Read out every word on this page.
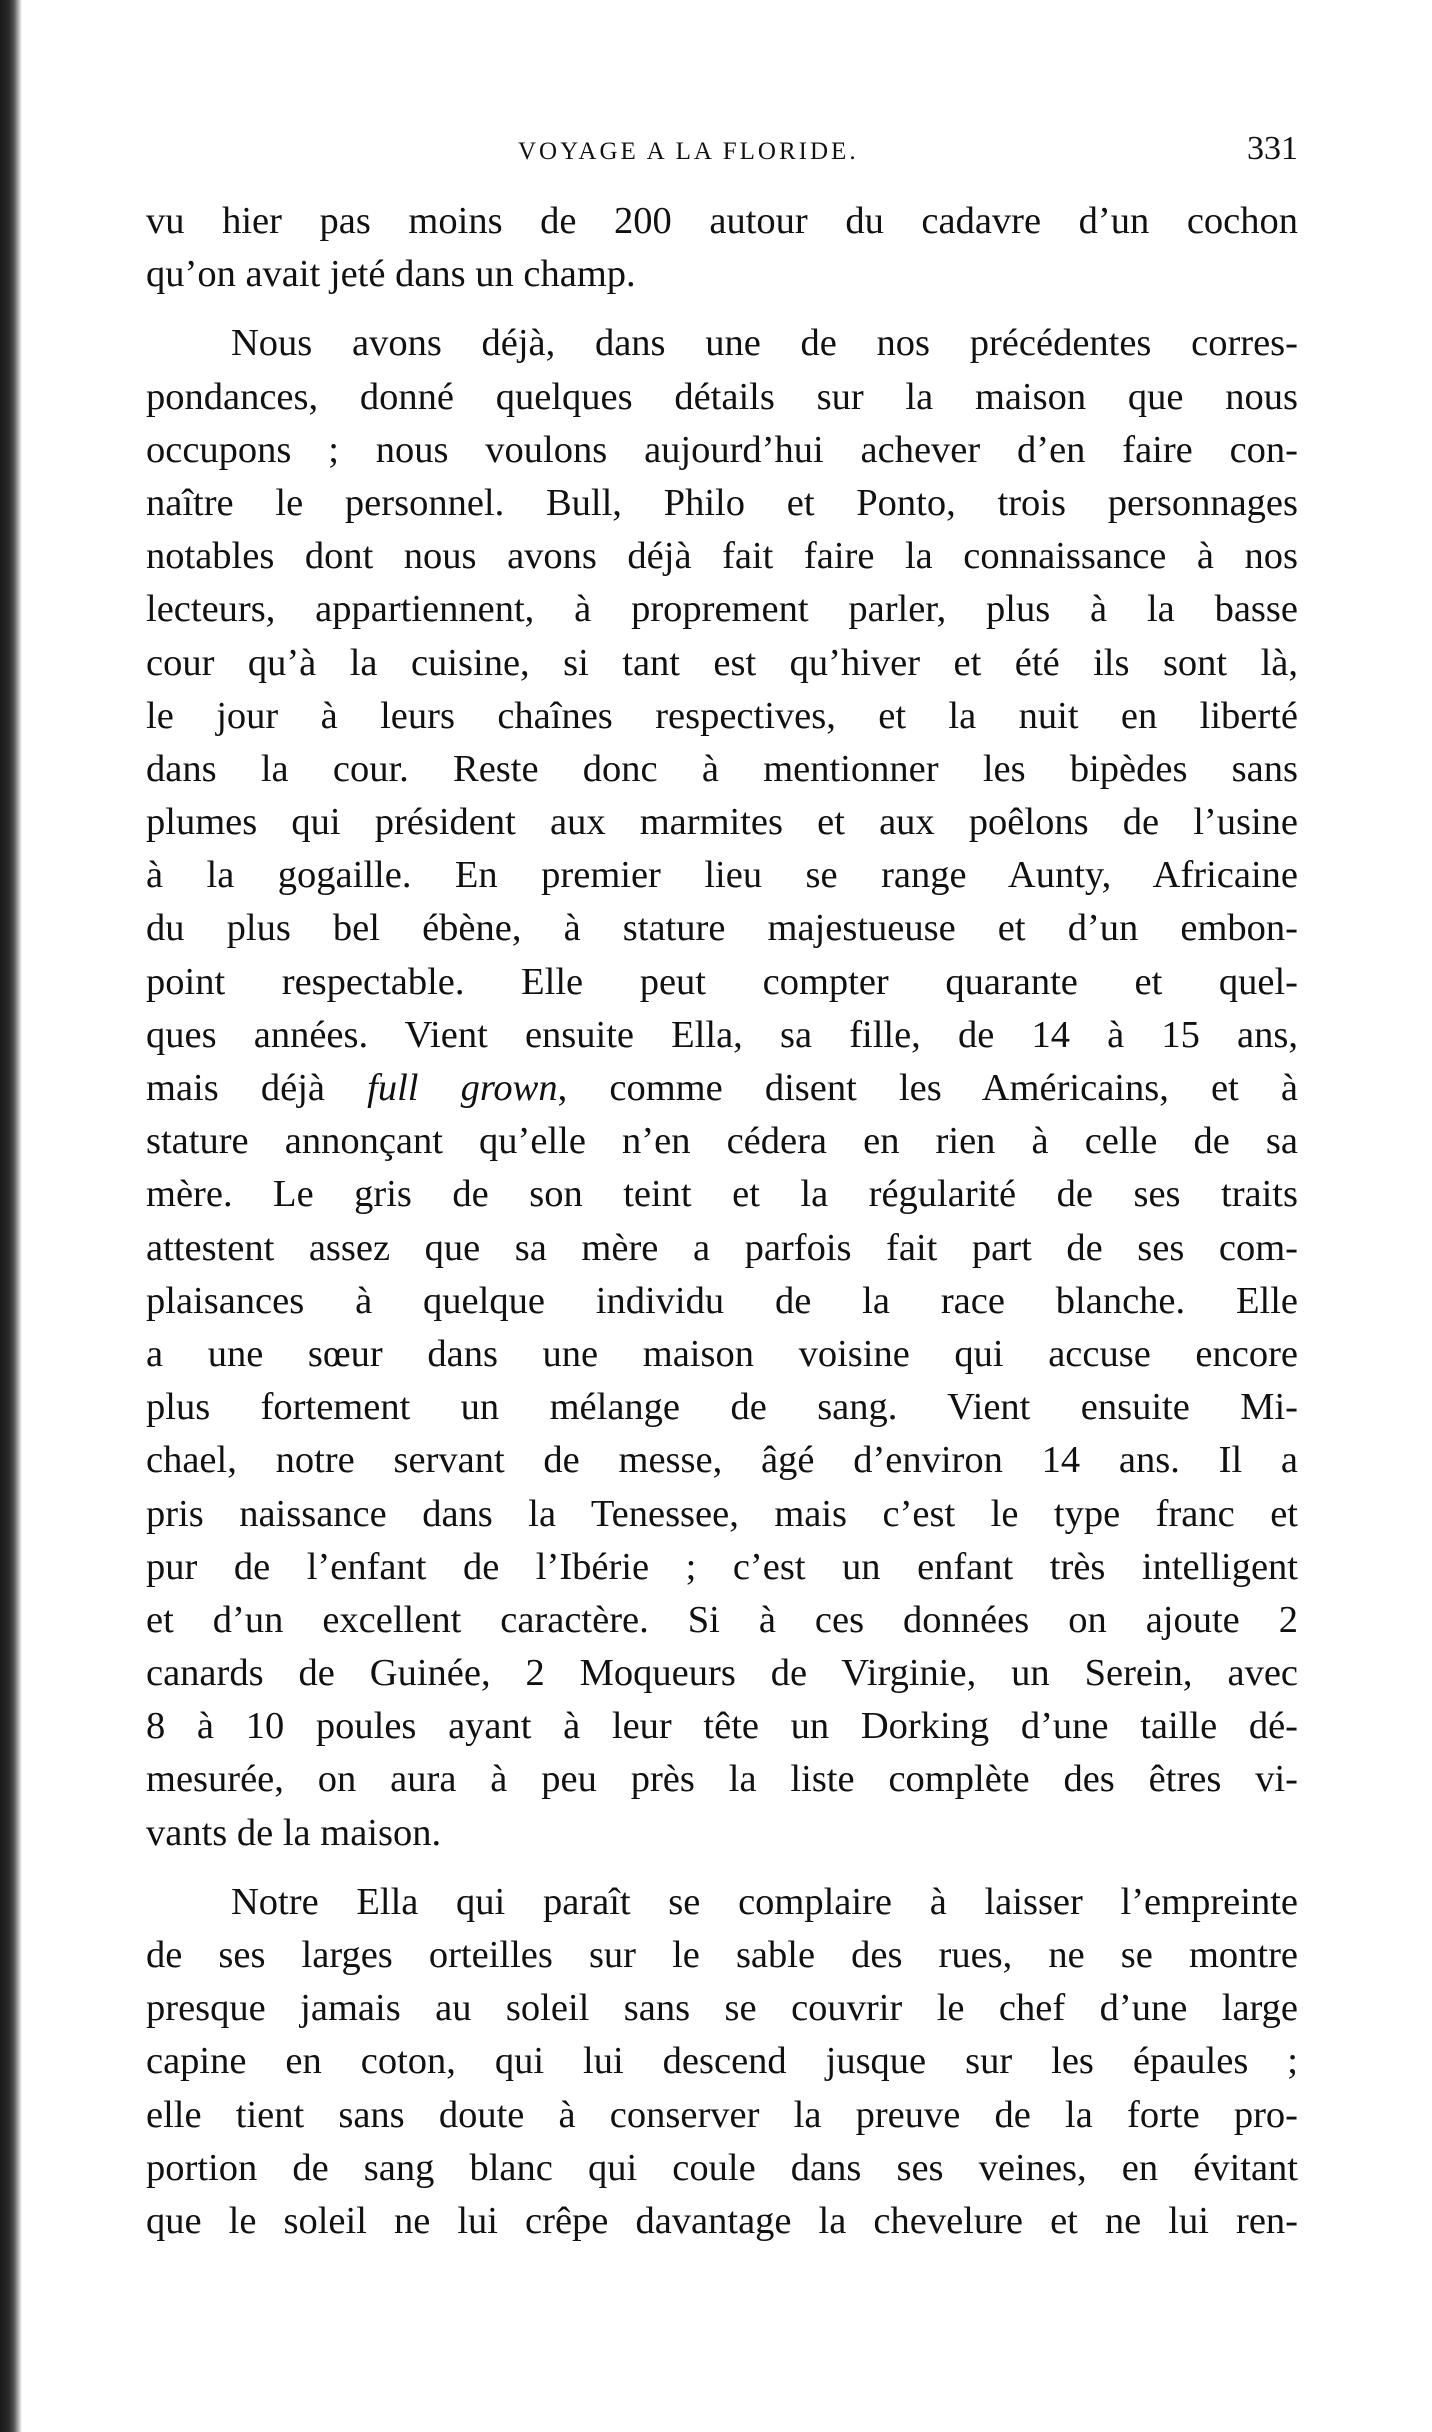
VOYAGE A LA FLORIDE.	331
vu hier pas moins de 200 autour du cadavre d’un cochon
qu’on avait jeté dans un champ.
Nous avons déjà, dans une de nos précédentes corres-
pondances, donné quelques détails sur la maison que nous
occupons ; nous voulons aujourd’hui achever d’en faire con-
naître le personnel. Bull, Philo et Ponto, trois personnages
notables dont nous avons déjà fait faire la connaissance à nos
lecteurs, appartiennent, à proprement parler, plus à la basse
cour qu’à la cuisine, si tant est qu’hiver et été ils sont là,
le jour à leurs chaînes respectives, et la nuit en liberté
dans la cour. Reste donc à mentionner les bipèdes sans
plumes qui président aux marmites et aux poêlons de l’usine
à la gogaille. En premier lieu se range Aunty, Africaine
du plus bel ébène, à stature majestueuse et d’un embon-
point respectable. Elle peut compter quarante et quel-
ques années. Vient ensuite Ella, sa fille, de 14 à 15 ans,
mais déjà full grown, comme disent les Américains, et à
stature annonçant qu’elle n’en cédera en rien à celle de sa
mère. Le gris de son teint et la régularité de ses traits
attestent assez que sa mère a parfois fait part de ses com-
plaisances à quelque individu de la race blanche. Elle
a une sœur dans une maison voisine qui accuse encore
plus fortement un mélange de sang. Vient ensuite Mi-
chael, notre servant de messe, âgé d’environ 14 ans. Il a
pris naissance dans la Tenessee, mais c’est le type franc et
pur de l’enfant de l’Ibérie ; c’est un enfant très intelligent
et d’un excellent caractère. Si à ces données on ajoute 2
canards de Guinée, 2 Moqueurs de Virginie, un Serein, avec
8 à 10 poules ayant à leur tête un Dorking d’une taille dé-
mesurée, on aura à peu près la liste complète des êtres vi-
vants de la maison.
Notre Ella qui paraît se complaire à laisser l’empreinte
de ses larges orteilles sur le sable des rues, ne se montre
presque jamais au soleil sans se couvrir le chef d’une large
capine en coton, qui lui descend jusque sur les épaules ;
elle tient sans doute à conserver la preuve de la forte pro-
portion de sang blanc qui coule dans ses veines, en évitant
que le soleil ne lui crêpe davantage la chevelure et ne lui ren-
